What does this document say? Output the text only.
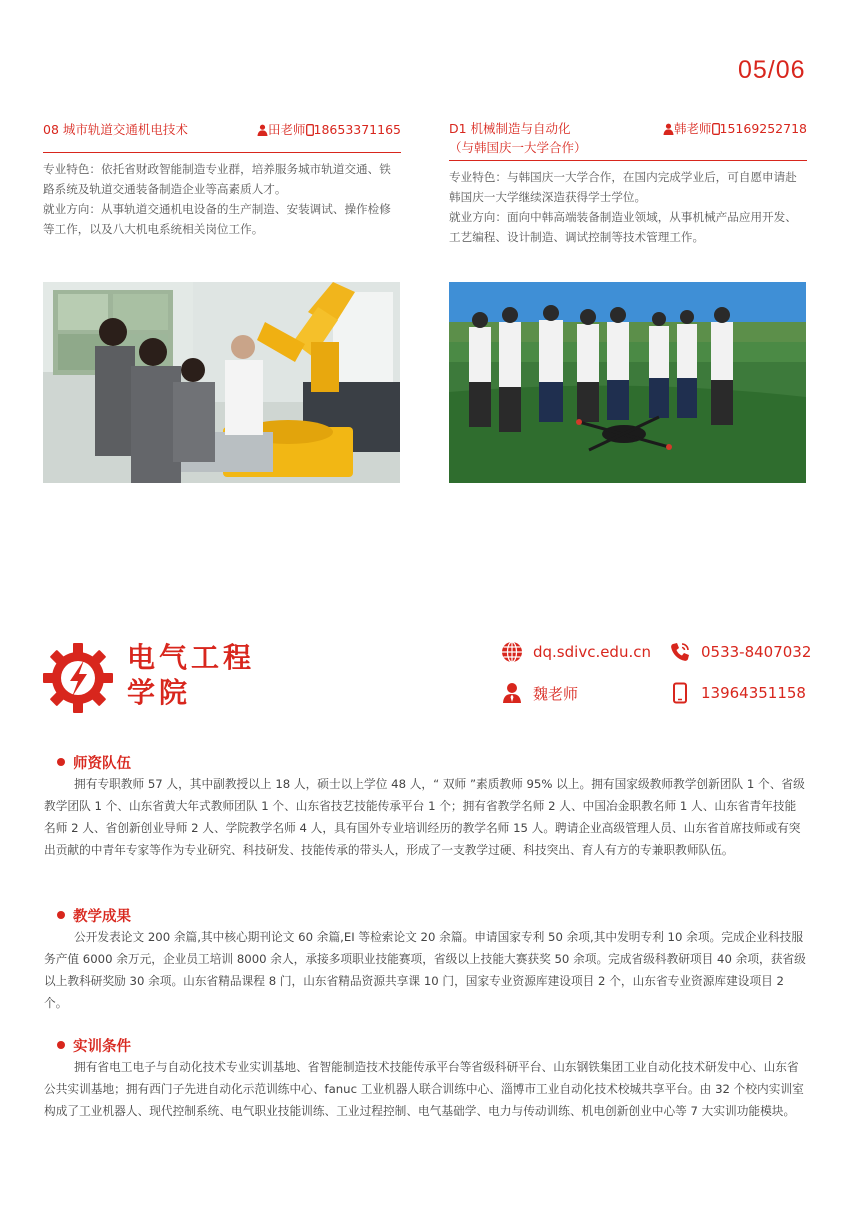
05/06
08 城市轨道交通机电技术	田老师 18653371165

专业特色：依托省财政智能制造专业群，培养服务城市轨道交通、铁路系统及轨道交通装备制造企业等高素质人才。

就业方向：从事轨道交通机电设备的生产制造、安装调试、操作检修等工作，以及八大机电系统相关岗位工作。

D1 机械制造与自动化	韩老师 15169252718
（与韩国庆一大学合作）

专业特色：与韩国庆一大学合作，在国内完成学业后，可自愿申请赴韩国庆一大学继续深造获得学士学位。

就业方向：面向中韩高端装备制造业领域，从事机械产品应用开发、工艺编程、设计制造、调试控制等技术管理工作。

电气工程
学院
dq.sdivc.edu.cn	0533-8407032
魏老师	13964351158
师资队伍

拥有专职教师 57 人，其中副教授以上 18 人，硕士以上学位 48 人，“ 双师 ”素质教师 95% 以上。拥有国家级教师教学创新团队 1 个、省级教学团队 1 个、山东省黄大年式教师团队 1 个、山东省技艺技能传承平台 1 个；拥有省教学名师 2 人、中国冶金职教名师 1 人、山东省青年技能名师 2 人、省创新创业导师 2 人、学院教学名师 4 人，具有国外专业培训经历的教学名师 15 人。聘请企业高级管理人员、山东省首席技师或有突出贡献的中青年专家等作为专业研究、科技研发、技能传承的带头人，形成了一支教学过硬、科技突出、育人有方的专兼职教师队伍。

教学成果

公开发表论文 200 余篇,其中核心期刊论文 60 余篇,EI 等检索论文 20 余篇。申请国家专利 50 余项,其中发明专利 10 余项。完成企业科技服务产值 6000 余万元，企业员工培训 8000 余人，承接多项职业技能赛项，省级以上技能大赛获奖 50 余项。完成省级科教研项目 40 余项，获省级以上教科研奖励 30 余项。山东省精品课程 8 门，山东省精品资源共享课 10 门，国家专业资源库建设项目 2 个，山东省专业资源库建设项目 2 个。

实训条件

拥有省电工电子与自动化技术专业实训基地、省智能制造技术技能传承平台等省级科研平台、山东钢铁集团工业自动化技术研发中心、山东省公共实训基地；拥有西门子先进自动化示范训练中心、fanuc 工业机器人联合训练中心、淄博市工业自动化技术校城共享平台。由 32 个校内实训室构成了工业机器人、现代控制系统、电气职业技能训练、工业过程控制、电气基础学、电力与传动训练、机电创新创业中心等 7 大实训功能模块。
